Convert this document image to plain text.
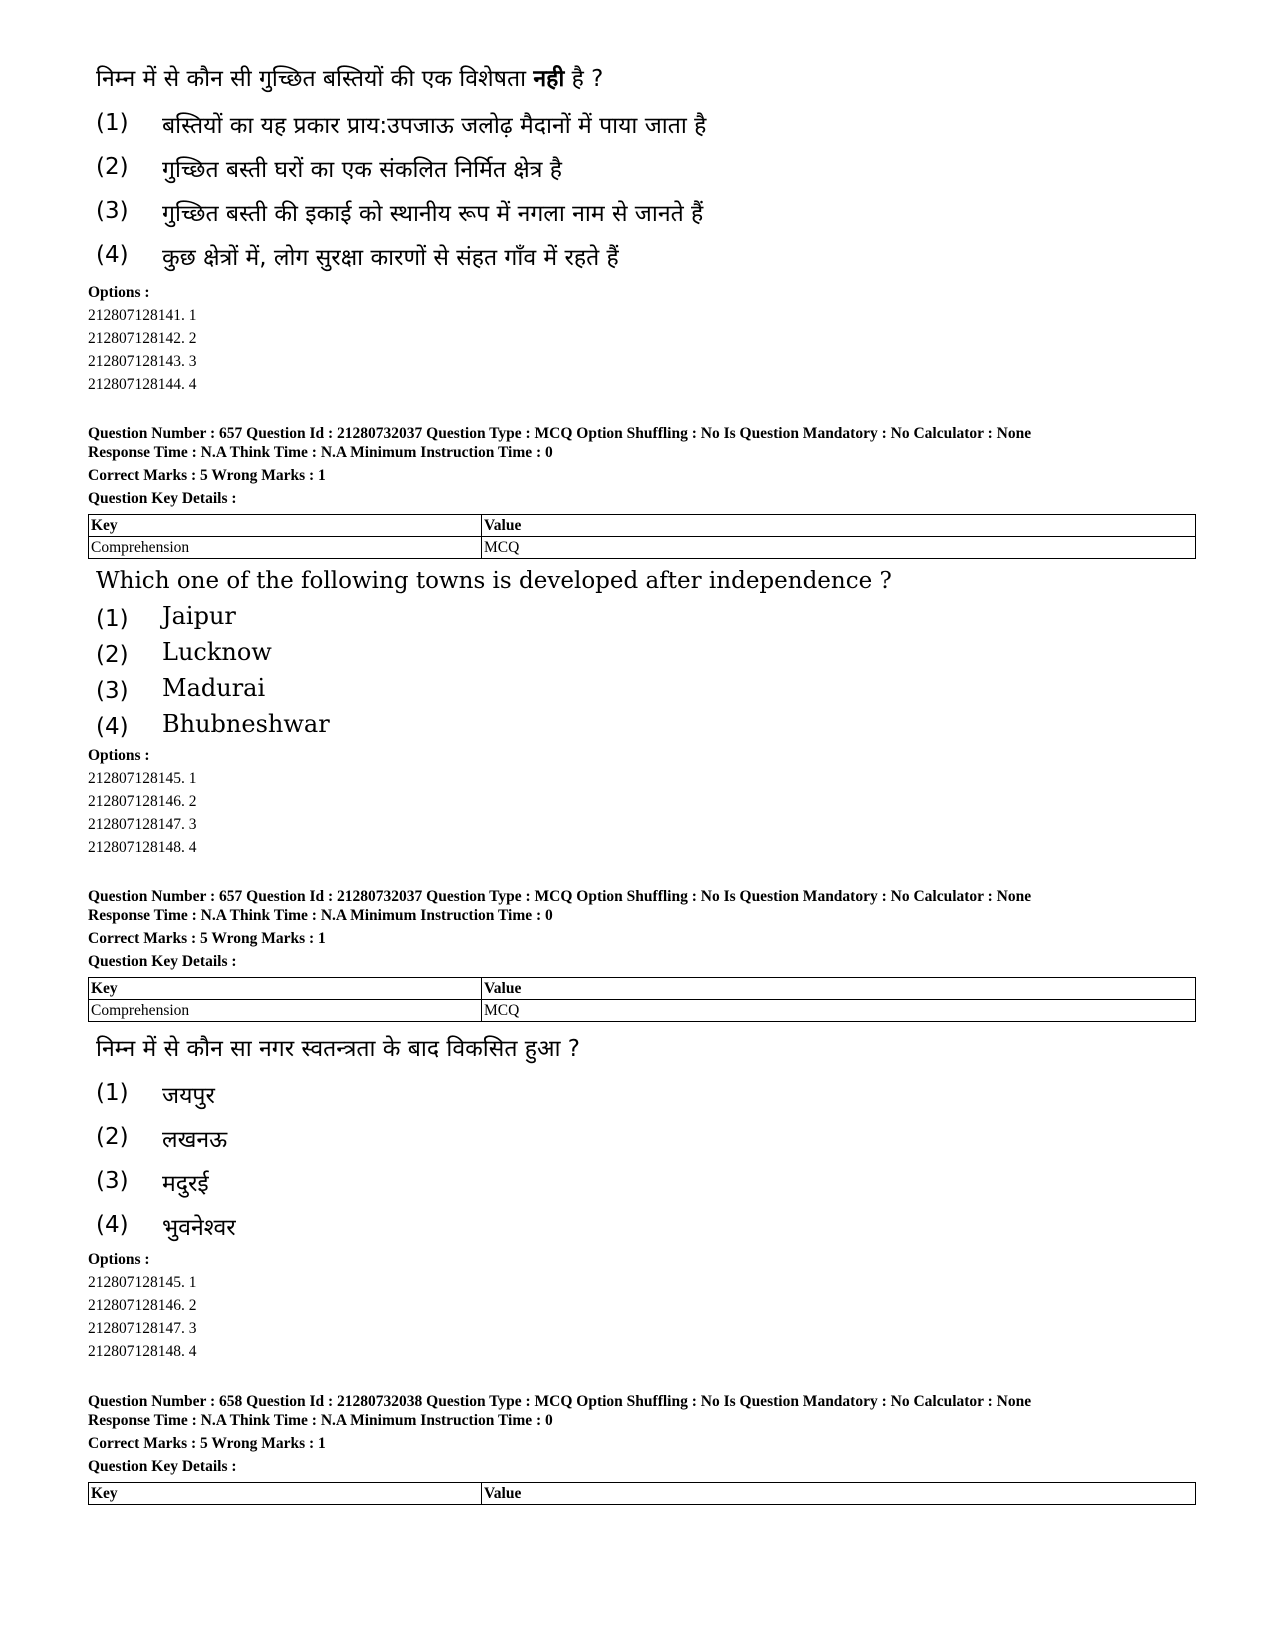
निम्न में से कौन सी गुच्छित बस्तियों की एक विशेषता नही है ?
(1) बस्तियों का यह प्रकार प्राय:उपजाऊ जलोढ़ मैदानों में पाया जाता है
(2) गुच्छित बस्ती घरों का एक संकलित निर्मित क्षेत्र है
(3) गुच्छित बस्ती की इकाई को स्थानीय रूप में नगला नाम से जानते हैं
(4) कुछ क्षेत्रों में, लोग सुरक्षा कारणों से संहत गाँव में रहते हैं
Options :
212807128141. 1
212807128142. 2
212807128143. 3
212807128144. 4
Question Number : 657 Question Id : 21280732037 Question Type : MCQ Option Shuffling : No Is Question Mandatory : No Calculator : None
Response Time : N.A Think Time : N.A Minimum Instruction Time : 0
Correct Marks : 5 Wrong Marks : 1
Question Key Details :
Key	Value
Comprehension	MCQ
Which one of the following towns is developed after independence ?
(1) Jaipur
(2) Lucknow
(3) Madurai
(4) Bhubneshwar
Options :
212807128145. 1
212807128146. 2
212807128147. 3
212807128148. 4
Question Number : 657 Question Id : 21280732037 Question Type : MCQ Option Shuffling : No Is Question Mandatory : No Calculator : None
Response Time : N.A Think Time : N.A Minimum Instruction Time : 0
Correct Marks : 5 Wrong Marks : 1
Question Key Details :
Key	Value
Comprehension	MCQ
निम्न में से कौन सा नगर स्वतन्त्रता के बाद विकसित हुआ ?
(1) जयपुर
(2) लखनऊ
(3) मदुरई
(4) भुवनेश्वर
Options :
212807128145. 1
212807128146. 2
212807128147. 3
212807128148. 4
Question Number : 658 Question Id : 21280732038 Question Type : MCQ Option Shuffling : No Is Question Mandatory : No Calculator : None
Response Time : N.A Think Time : N.A Minimum Instruction Time : 0
Correct Marks : 5 Wrong Marks : 1
Question Key Details :
Key	Value
